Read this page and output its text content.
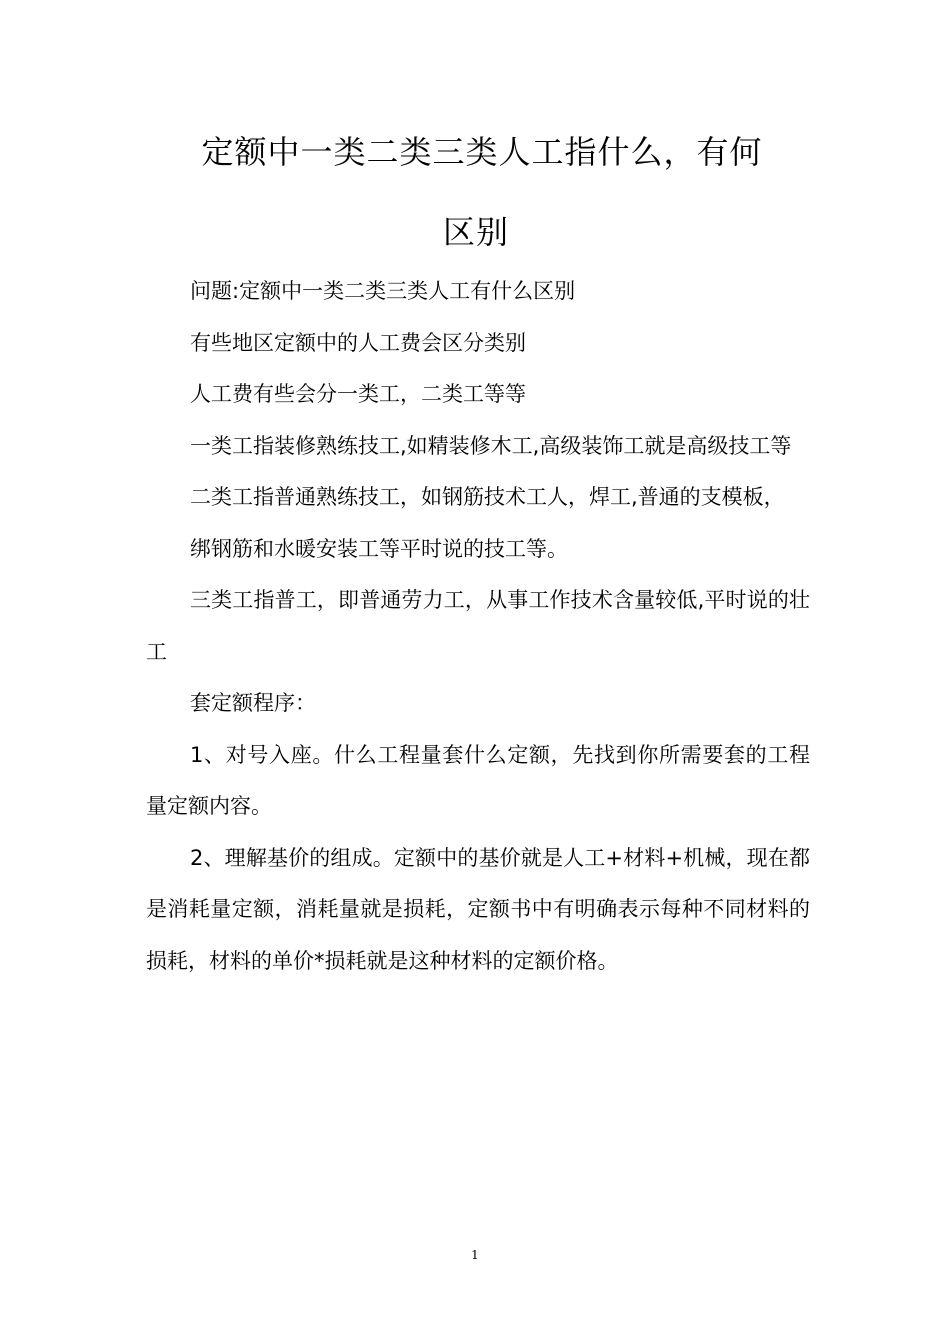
定额中一类二类三类人工指什么，有何
区别

问题:定额中一类二类三类人工有什么区别

有些地区定额中的人工费会区分类别

人工费有些会分一类工，二类工等等

一类工指装修熟练技工,如精装修木工,高级装饰工就是高级技工等

二类工指普通熟练技工，如钢筋技术工人，焊工,普通的支模板，

绑钢筋和水暖安装工等平时说的技工等。

三类工指普工，即普通劳力工，从事工作技术含量较低,平时说的壮工

套定额程序：

1、对号入座。什么工程量套什么定额，先找到你所需要套的工程量定额内容。

2、理解基价的组成。定额中的基价就是人工+材料+机械，现在都是消耗量定额，消耗量就是损耗，定额书中有明确表示每种不同材料的损耗，材料的单价*损耗就是这种材料的定额价格。

1
